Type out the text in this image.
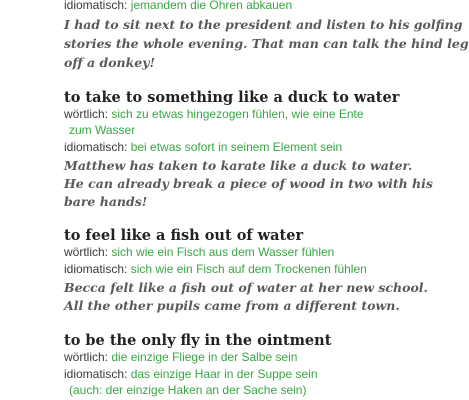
idiomatisch: jemandem die Ohren abkauen
I had to sit next to the president and listen to his golfing
stories the whole evening. That man can talk the hind leg
off a donkey!
to take to something like a duck to water
wörtlich: sich zu etwas hingezogen fühlen, wie eine Ente
zum Wasser
idiomatisch: bei etwas sofort in seinem Element sein
Matthew has taken to karate like a duck to water.
He can already break a piece of wood in two with his
bare hands!
to feel like a fish out of water
wörtlich: sich wie ein Fisch aus dem Wasser fühlen
idiomatisch: sich wie ein Fisch auf dem Trockenen fühlen
Becca felt like a fish out of water at her new school.
All the other pupils came from a different town.
to be the only fly in the ointment
wörtlich: die einzige Fliege in der Salbe sein
idiomatisch: das einzige Haar in der Suppe sein
(auch: der einzige Haken an der Sache sein)
